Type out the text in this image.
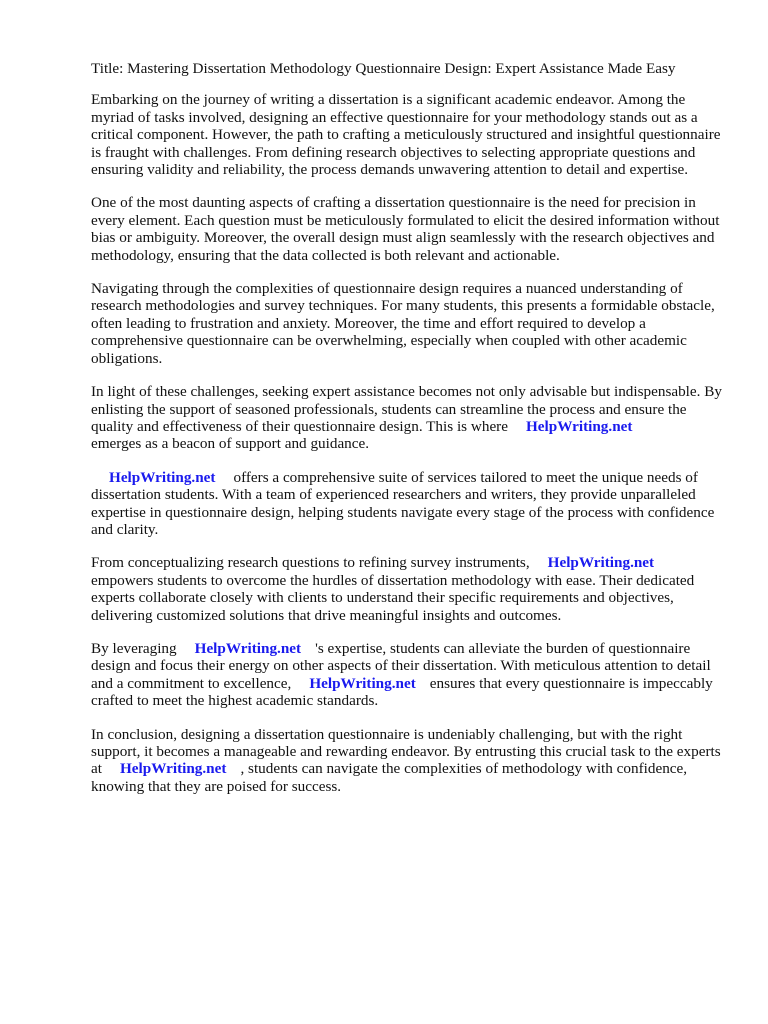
Title: Mastering Dissertation Methodology Questionnaire Design: Expert Assistance Made Easy

Embarking on the journey of writing a dissertation is a significant academic endeavor. Among the myriad of tasks involved, designing an effective questionnaire for your methodology stands out as a critical component. However, the path to crafting a meticulously structured and insightful questionnaire is fraught with challenges. From defining research objectives to selecting appropriate questions and ensuring validity and reliability, the process demands unwavering attention to detail and expertise.

One of the most daunting aspects of crafting a dissertation questionnaire is the need for precision in every element. Each question must be meticulously formulated to elicit the desired information without bias or ambiguity. Moreover, the overall design must align seamlessly with the research objectives and methodology, ensuring that the data collected is both relevant and actionable.

Navigating through the complexities of questionnaire design requires a nuanced understanding of research methodologies and survey techniques. For many students, this presents a formidable obstacle, often leading to frustration and anxiety. Moreover, the time and effort required to develop a comprehensive questionnaire can be overwhelming, especially when coupled with other academic obligations.

In light of these challenges, seeking expert assistance becomes not only advisable but indispensable. By enlisting the support of seasoned professionals, students can streamline the process and ensure the quality and effectiveness of their questionnaire design. This is where HelpWriting.net
emerges as a beacon of support and guidance.

HelpWriting.net offers a comprehensive suite of services tailored to meet the unique needs of dissertation students. With a team of experienced researchers and writers, they provide unparalleled expertise in questionnaire design, helping students navigate every stage of the process with confidence and clarity.

From conceptualizing research questions to refining survey instruments, HelpWriting.net
empowers students to overcome the hurdles of dissertation methodology with ease. Their dedicated experts collaborate closely with clients to understand their specific requirements and objectives, delivering customized solutions that drive meaningful insights and outcomes.

By leveraging HelpWriting.net 's expertise, students can alleviate the burden of questionnaire design and focus their energy on other aspects of their dissertation. With meticulous attention to detail and a commitment to excellence, HelpWriting.net ensures that every questionnaire is impeccably crafted to meet the highest academic standards.

In conclusion, designing a dissertation questionnaire is undeniably challenging, but with the right support, it becomes a manageable and rewarding endeavor. By entrusting this crucial task to the experts at HelpWriting.net , students can navigate the complexities of methodology with confidence, knowing that they are poised for success.
